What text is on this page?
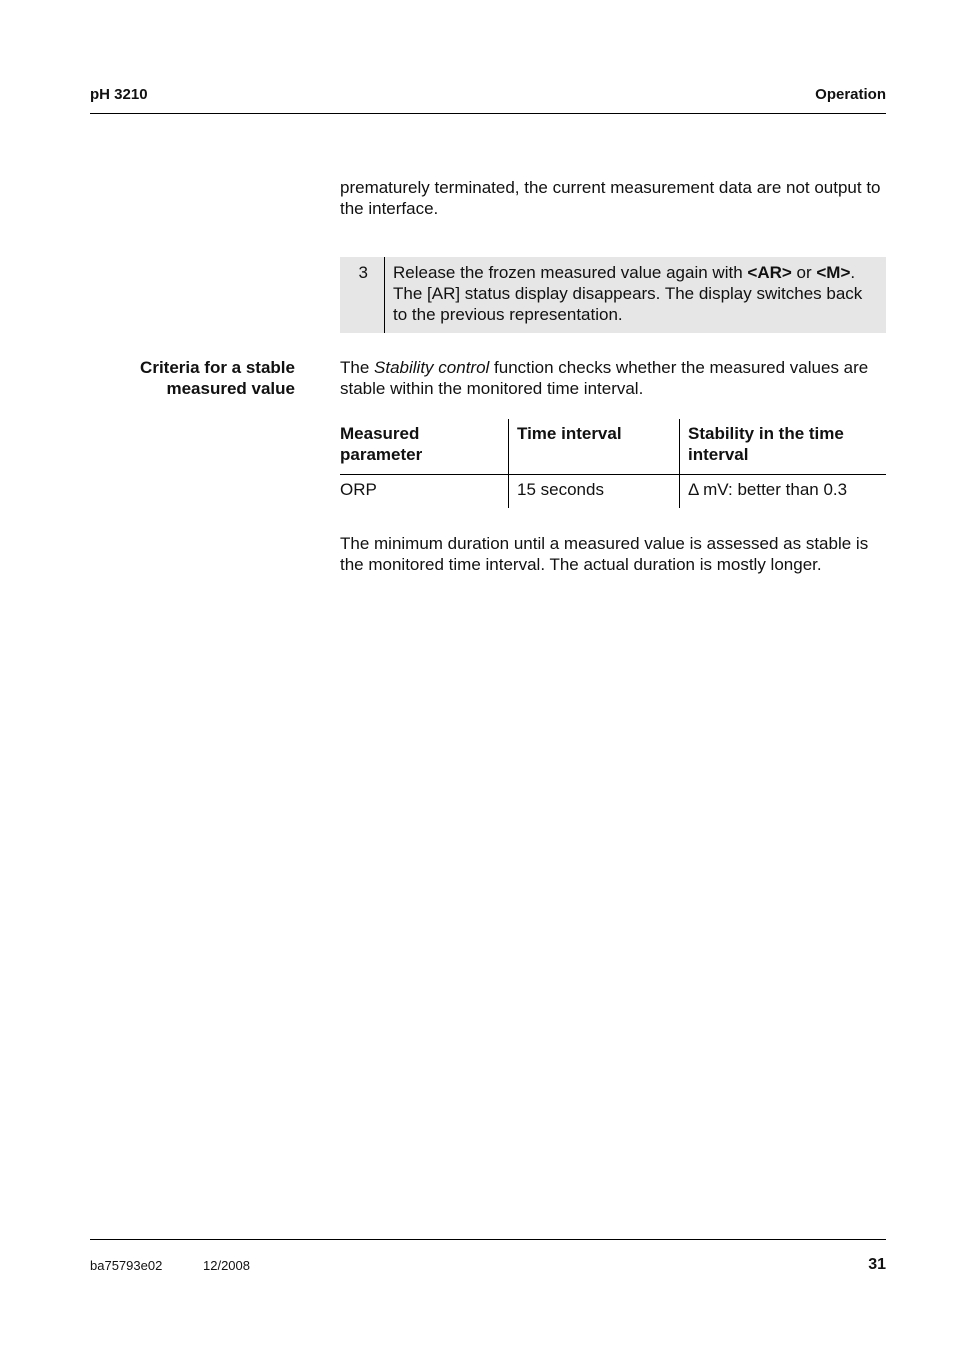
pH 3210	Operation
prematurely terminated, the current measurement data are not output to the interface.
3	Release the frozen measured value again with <AR> or <M>. The [AR] status display disappears. The display switches back to the previous representation.
Criteria for a stable measured value
The Stability control function checks whether the measured values are stable within the monitored time interval.
Measured parameter	Time interval	Stability in the time interval
ORP	15 seconds	Δ mV: better than 0.3
The minimum duration until a measured value is assessed as stable is the monitored time interval. The actual duration is mostly longer.
ba75793e02	12/2008	31
